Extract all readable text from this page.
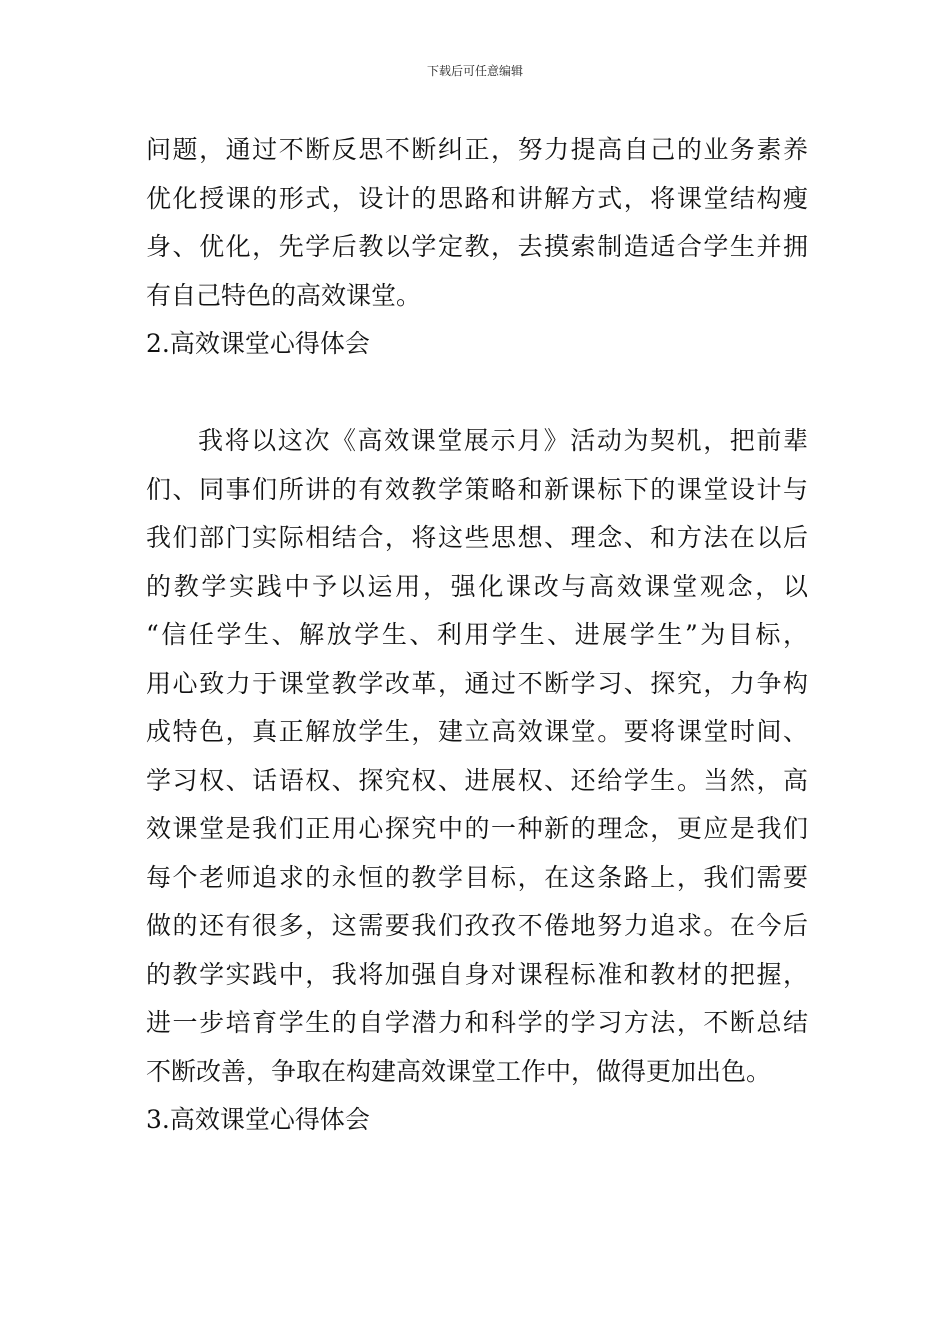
下载后可任意编辑
问题，通过不断反思不断纠正，努力提高自己的业务素养
优化授课的形式，设计的思路和讲解方式，将课堂结构瘦
身、优化，先学后教以学定教，去摸索制造适合学生并拥
有自己特色的高效课堂。
2.高效课堂心得体会
我将以这次《高效课堂展示月》活动为契机，把前辈
们、同事们所讲的有效教学策略和新课标下的课堂设计与
我们部门实际相结合，将这些思想、理念、和方法在以后
的教学实践中予以运用，强化课改与高效课堂观念，以
“信任学生、解放学生、利用学生、进展学生”为目标，
用心致力于课堂教学改革，通过不断学习、探究，力争构
成特色，真正解放学生，建立高效课堂。要将课堂时间、
学习权、话语权、探究权、进展权、还给学生。当然，高
效课堂是我们正用心探究中的一种新的理念，更应是我们
每个老师追求的永恒的教学目标，在这条路上，我们需要
做的还有很多，这需要我们孜孜不倦地努力追求。在今后
的教学实践中，我将加强自身对课程标准和教材的把握，
进一步培育学生的自学潜力和科学的学习方法，不断总结
不断改善，争取在构建高效课堂工作中，做得更加出色。
3.高效课堂心得体会
